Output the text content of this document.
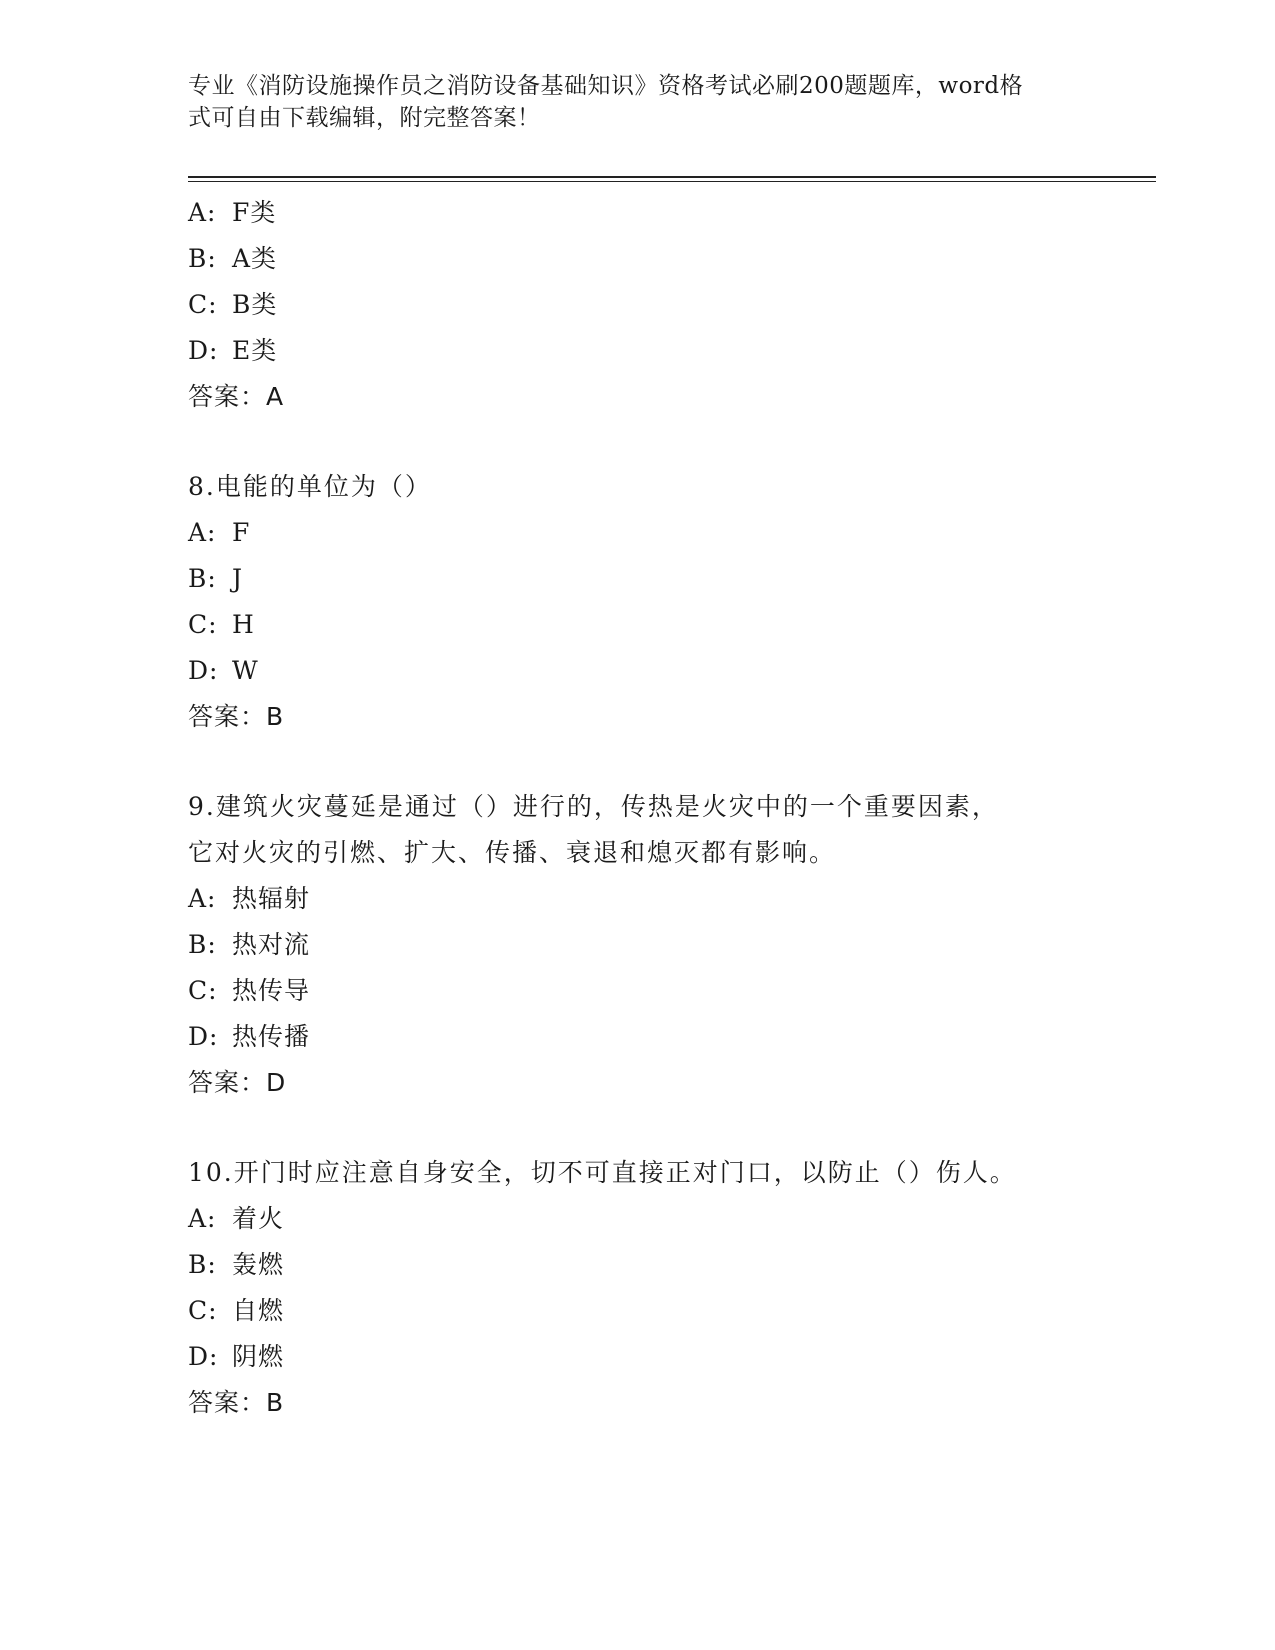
专业《消防设施操作员之消防设备基础知识》资格考试必刷200题题库，word格
式可自由下载编辑，附完整答案！
A: F类
B: A类
C: B类
D: E类
答案：A
8.电能的单位为（）
A: F
B: J
C: H
D: W
答案：B
9.建筑火灾蔓延是通过（）进行的，传热是火灾中的一个重要因素，
它对火灾的引燃、扩大、传播、衰退和熄灭都有影响。
A: 热辐射
B: 热对流
C: 热传导
D: 热传播
答案：D
10.开门时应注意自身安全，切不可直接正对门口，以防止（）伤人。
A: 着火
B: 轰燃
C: 自燃
D: 阴燃
答案：B
